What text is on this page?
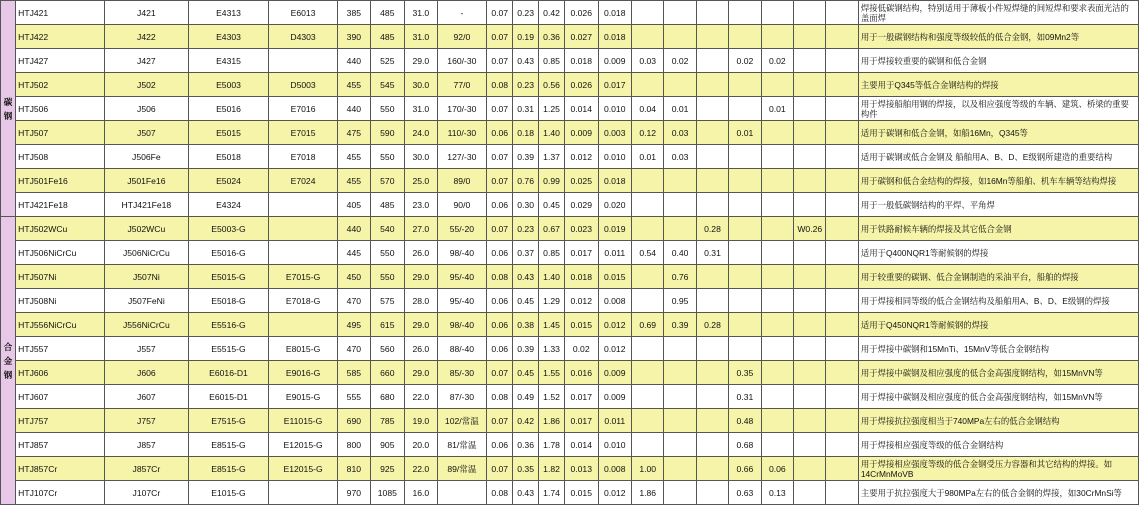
碳钢	HTJ421	J421	E4313	E6013	385	485	31.0	-	0.07	0.23	0.42	0.026	0.018								焊接低碳钢结构，特别适用于薄板小件短焊缝的间短焊和要求表面光洁的盖面焊
	HTJ422	J422	E4303	D4303	390	485	31.0	92/0	0.07	0.19	0.36	0.027	0.018								用于一般碳钢结构和强度等级较低的低合金钢，如09Mn2等
	HTJ427	J427	E4315		440	525	29.0	160/-30	0.07	0.43	0.85	0.018	0.009	0.03	0.02		0.02	0.02			用于焊接较重要的碳钢和低合金钢
	HTJ502	J502	E5003	D5003	455	545	30.0	77/0	0.08	0.23	0.56	0.026	0.017								主要用于Q345等低合金钢结构的焊接
	HTJ506	J506	E5016	E7016	440	550	31.0	170/-30	0.07	0.31	1.25	0.014	0.010	0.04	0.01			0.01			用于焊接船舶用钢的焊接，以及相应强度等级的车辆、建筑、桥梁的重要构件
	HTJ507	J507	E5015	E7015	475	590	24.0	110/-30	0.06	0.18	1.40	0.009	0.003	0.12	0.03		0.01				适用于碳钢和低合金钢，如船16Mn，Q345等
	HTJ508	J506Fe	E5018	E7018	455	550	30.0	127/-30	0.07	0.39	1.37	0.012	0.010	0.01	0.03						适用于碳钢或低合金钢及 船舶用A、B、D、E级钢所建造的重要结构
	HTJ501Fe16	J501Fe16	E5024	E7024	455	570	25.0	89/0	0.07	0.76	0.99	0.025	0.018								用于碳钢和低合金结构的焊接，如16Mn等船舶、机车车辆等结构焊接
	HTJ421Fe18	HTJ421Fe18	E4324		405	485	23.0	90/0	0.06	0.30	0.45	0.029	0.020								用于一般低碳钢结构的平焊、平角焊
合金钢	HTJ502WCu	J502WCu	E5003-G		440	540	27.0	55/-20	0.07	0.23	0.67	0.023	0.019			0.28			W0.26		用于铁路耐候车辆的焊接及其它低合金钢
	HTJ506NiCrCu	J506NiCrCu	E5016-G		445	550	26.0	98/-40	0.06	0.37	0.85	0.017	0.011	0.54	0.40	0.31					适用于Q400NQR1等耐候钢的焊接
	HTJ507Ni	J507Ni	E5015-G	E7015-G	450	550	29.0	95/-40	0.08	0.43	1.40	0.018	0.015		0.76						用于较重要的碳钢、低合金钢制造的采油平台，船舶的焊接
	HTJ508Ni	J507FeNi	E5018-G	E7018-G	470	575	28.0	95/-40	0.06	0.45	1.29	0.012	0.008		0.95						用于焊接相同等级的低合金钢结构及船舶用A、B、D、E级钢的焊接
	HTJ556NiCrCu	J556NiCrCu	E5516-G		495	615	29.0	98/-40	0.06	0.38	1.45	0.015	0.012	0.69	0.39	0.28					适用于Q450NQR1等耐候钢的焊接
	HTJ557	J557	E5515-G	E8015-G	470	560	26.0	88/-40	0.06	0.39	1.33	0.02	0.012								用于焊接中碳钢和15MnTi、15MnV等低合金钢结构
	HTJ606	J606	E6016-D1	E9016-G	585	660	29.0	85/-30	0.07	0.45	1.55	0.016	0.009				0.35				用于焊接中碳钢及相应强度的低合金高强度钢结构，如15MnVN等
	HTJ607	J607	E6015-D1	E9015-G	555	680	22.0	87/-30	0.08	0.49	1.52	0.017	0.009				0.31				用于焊接中碳钢及相应强度的低合金高强度钢结构，如15MnVN等
	HTJ757	J757	E7515-G	E11015-G	690	785	19.0	102/常温	0.07	0.42	1.86	0.017	0.011				0.48				用于焊接抗拉强度相当于740MPa左右的低合金钢结构
	HTJ857	J857	E8515-G	E12015-G	800	905	20.0	81/常温	0.06	0.36	1.78	0.014	0.010				0.68				用于焊接相应强度等级的低合金钢结构
	HTJ857Cr	J857Cr	E8515-G	E12015-G	810	925	22.0	89/常温	0.07	0.35	1.82	0.013	0.008	1.00			0.66	0.06			用于焊接相应强度等级的低合金钢受压力容器和其它结构的焊接。如14CrMnMoVB
	HTJ107Cr	J107Cr	E1015-G		970	1085	16.0		0.08	0.43	1.74	0.015	0.012	1.86			0.63	0.13			主要用于抗拉强度大于980MPa左右的低合金钢的焊接，如30CrMnSi等
